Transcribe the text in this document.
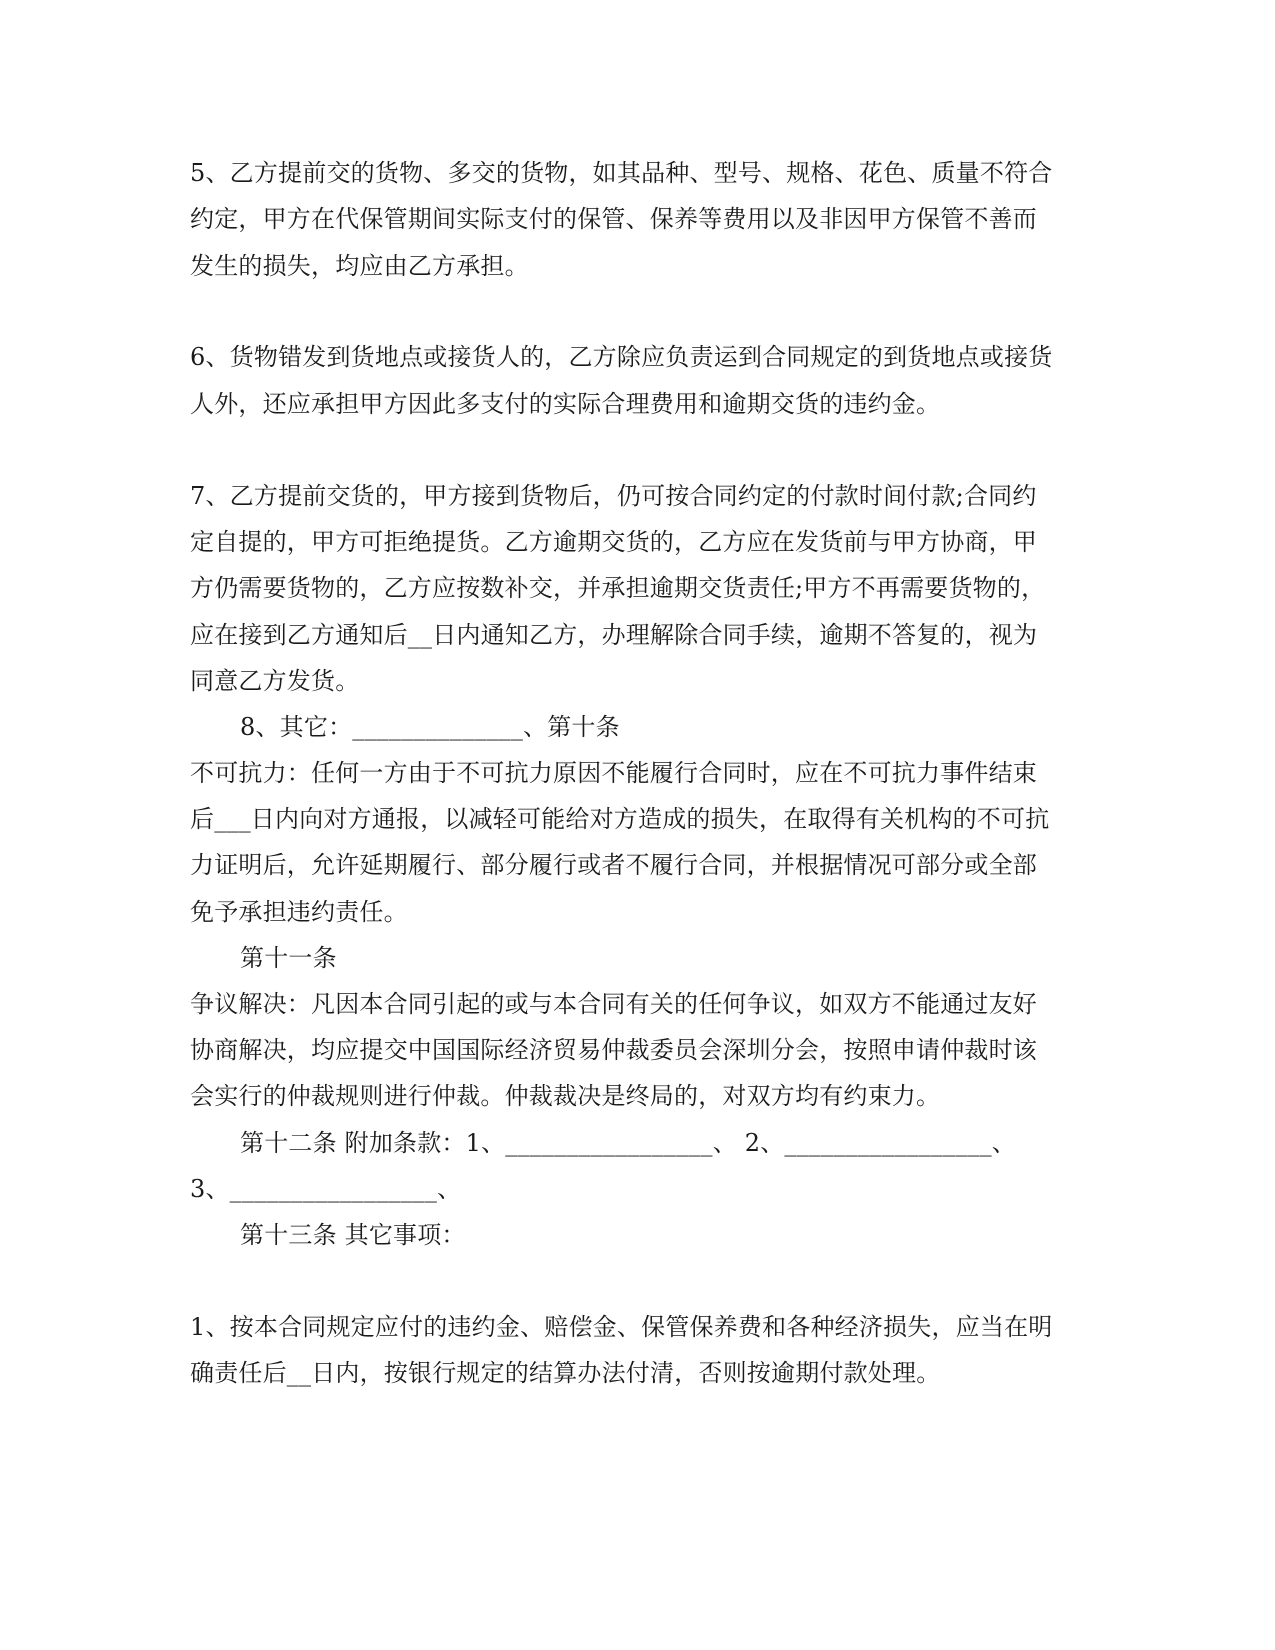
5、乙方提前交的货物、多交的货物，如其品种、型号、规格、花色、质量不符合
约定，甲方在代保管期间实际支付的保管、保养等费用以及非因甲方保管不善而
发生的损失，均应由乙方承担。
6、货物错发到货地点或接货人的，乙方除应负责运到合同规定的到货地点或接货
人外，还应承担甲方因此多支付的实际合理费用和逾期交货的违约金。
7、乙方提前交货的，甲方接到货物后，仍可按合同约定的付款时间付款;合同约
定自提的，甲方可拒绝提货。乙方逾期交货的，乙方应在发货前与甲方协商，甲
方仍需要货物的，乙方应按数补交，并承担逾期交货责任;甲方不再需要货物的，
应在接到乙方通知后__日内通知乙方，办理解除合同手续，逾期不答复的，视为
同意乙方发货。
8、其它：______________、第十条
不可抗力：任何一方由于不可抗力原因不能履行合同时，应在不可抗力事件结束
后___日内向对方通报，以减轻可能给对方造成的损失，在取得有关机构的不可抗
力证明后，允许延期履行、部分履行或者不履行合同，并根据情况可部分或全部
免予承担违约责任。
第十一条
争议解决：凡因本合同引起的或与本合同有关的任何争议，如双方不能通过友好
协商解决，均应提交中国国际经济贸易仲裁委员会深圳分会，按照申请仲裁时该
会实行的仲裁规则进行仲裁。仲裁裁决是终局的，对双方均有约束力。
第十二条 附加条款：1、_________________、 2、_________________、
3、_________________、
第十三条 其它事项：
1、按本合同规定应付的违约金、赔偿金、保管保养费和各种经济损失，应当在明
确责任后__日内，按银行规定的结算办法付清，否则按逾期付款处理。
